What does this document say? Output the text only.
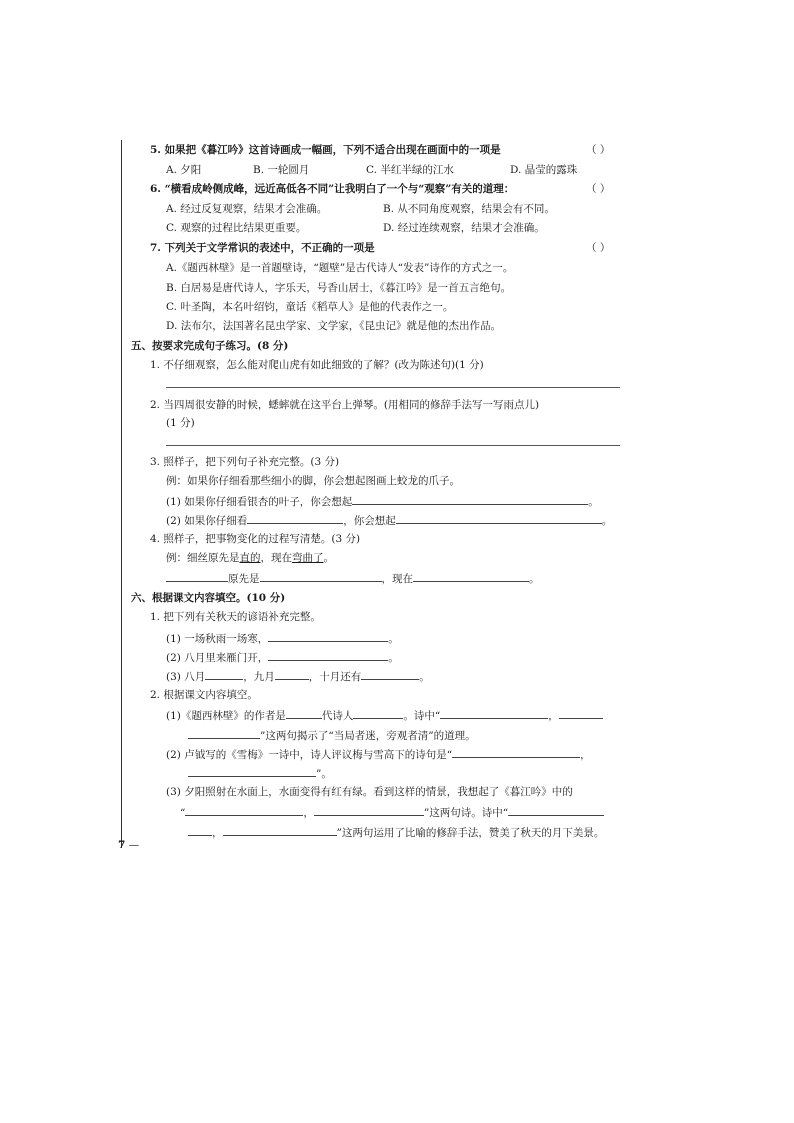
5. 如果把《暮江吟》这首诗画成一幅画，下列不适合出现在画面中的一项是	（ ）
A. 夕阳	B. 一轮圆月	C. 半红半绿的江水	D. 晶莹的露珠
6. “横看成岭侧成峰，远近高低各不同”让我明白了一个与“观察”有关的道理：	（ ）
A. 经过反复观察，结果才会准确。	B. 从不同角度观察，结果会有不同。
C. 观察的过程比结果更重要。	D. 经过连续观察，结果才会准确。
7. 下列关于文学常识的表述中，不正确的一项是	（ ）
A.《题西林壁》是一首题壁诗，“题壁”是古代诗人“发表”诗作的方式之一。
B. 白居易是唐代诗人，字乐天，号香山居士，《暮江吟》是一首五言绝句。
C. 叶圣陶，本名叶绍钧，童话《稻草人》是他的代表作之一。
D. 法布尔，法国著名昆虫学家、文学家，《昆虫记》就是他的杰出作品。
五、按要求完成句子练习。(8 分)
1. 不仔细观察，怎么能对爬山虎有如此细致的了解？(改为陈述句)(1 分)
2. 当四周很安静的时候，蟋蟀就在这平台上弹琴。(用相同的修辞手法写一写雨点儿)
(1 分)
3. 照样子，把下列句子补充完整。(3 分)
例：如果你仔细看那些细小的脚，你会想起图画上蛟龙的爪子。
(1) 如果你仔细看银杏的叶子，你会想起	。
(2) 如果你仔细看	，你会想起	。
4. 照样子，把事物变化的过程写清楚。(3 分)
例：细丝原先是直的，现在弯曲了。
原先是	，现在	。
六、根据课文内容填空。(10 分)
1. 把下列有关秋天的谚语补充完整。
(1) 一场秋雨一场寒，	。
(2) 八月里来雁门开，	。
(3) 八月	，九月	，十月还有	。
2. 根据课文内容填空。
(1)《题西林壁》的作者是	代诗人	。诗中“	，
”这两句揭示了“当局者迷，旁观者清”的道理。
(2) 卢钺写的《雪梅》一诗中，诗人评议梅与雪高下的诗句是“	，
”。
(3) 夕阳照射在水面上，水面变得有红有绿。看到这样的情景，我想起了《暮江吟》中的
“	，	”这两句诗。诗中“
，	”这两句运用了比喻的修辞手法，赞美了秋天的月下美景。
7 —
